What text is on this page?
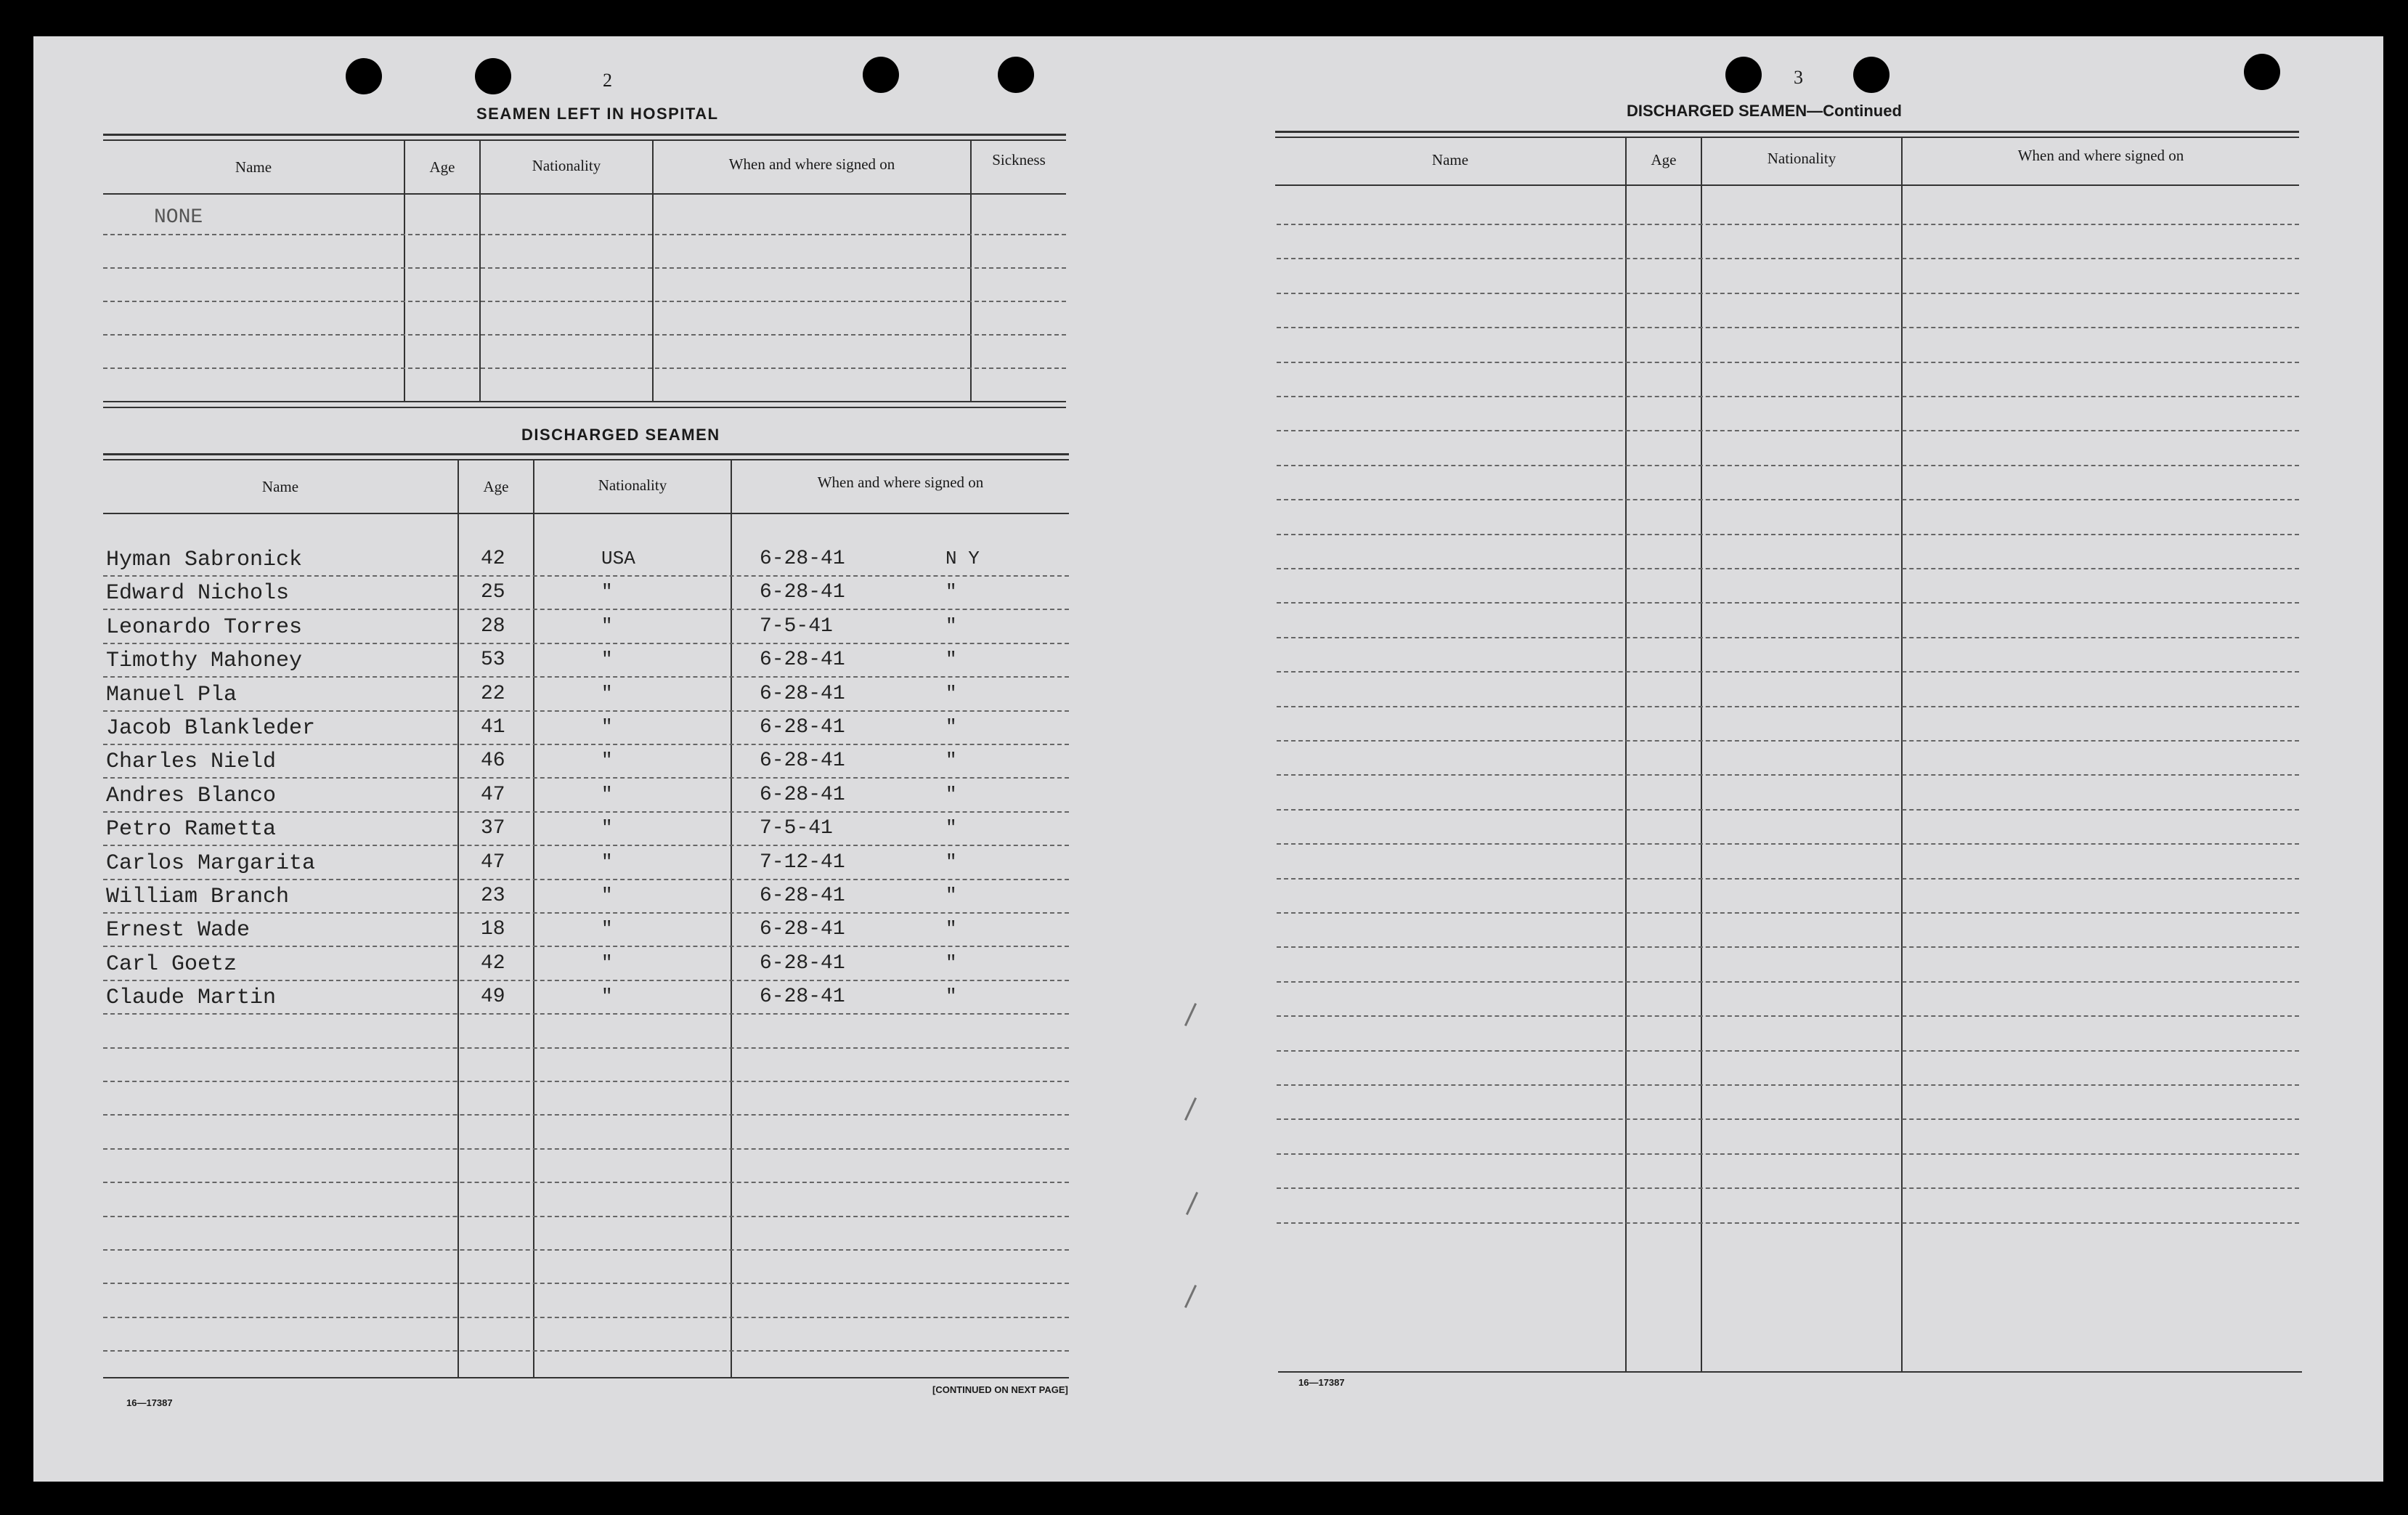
2
SEAMEN LEFT IN HOSPITAL
Name	Age	Nationality	When and where signed on	Sickness
NONE
DISCHARGED SEAMEN
Name	Age	Nationality	When and where signed on
Hyman Sabronick	42	USA	6-28-41	N Y
Edward Nichols	25	"	6-28-41	"
Leonardo Torres	28	"	7-5-41	"
Timothy Mahoney	53	"	6-28-41	"
Manuel Pla	22	"	6-28-41	"
Jacob Blankleder	41	"	6-28-41	"
Charles Nield	46	"	6-28-41	"
Andres Blanco	47	"	6-28-41	"
Petro Rametta	37	"	7-5-41	"
Carlos Margarita	47	"	7-12-41	"
William Branch	23	"	6-28-41	"
Ernest Wade	18	"	6-28-41	"
Carl Goetz	42	"	6-28-41	"
Claude Martin	49	"	6-28-41	"
16—17387
[CONTINUED ON NEXT PAGE]
3
DISCHARGED SEAMEN—Continued
Name	Age	Nationality	When and where signed on
16—17387
